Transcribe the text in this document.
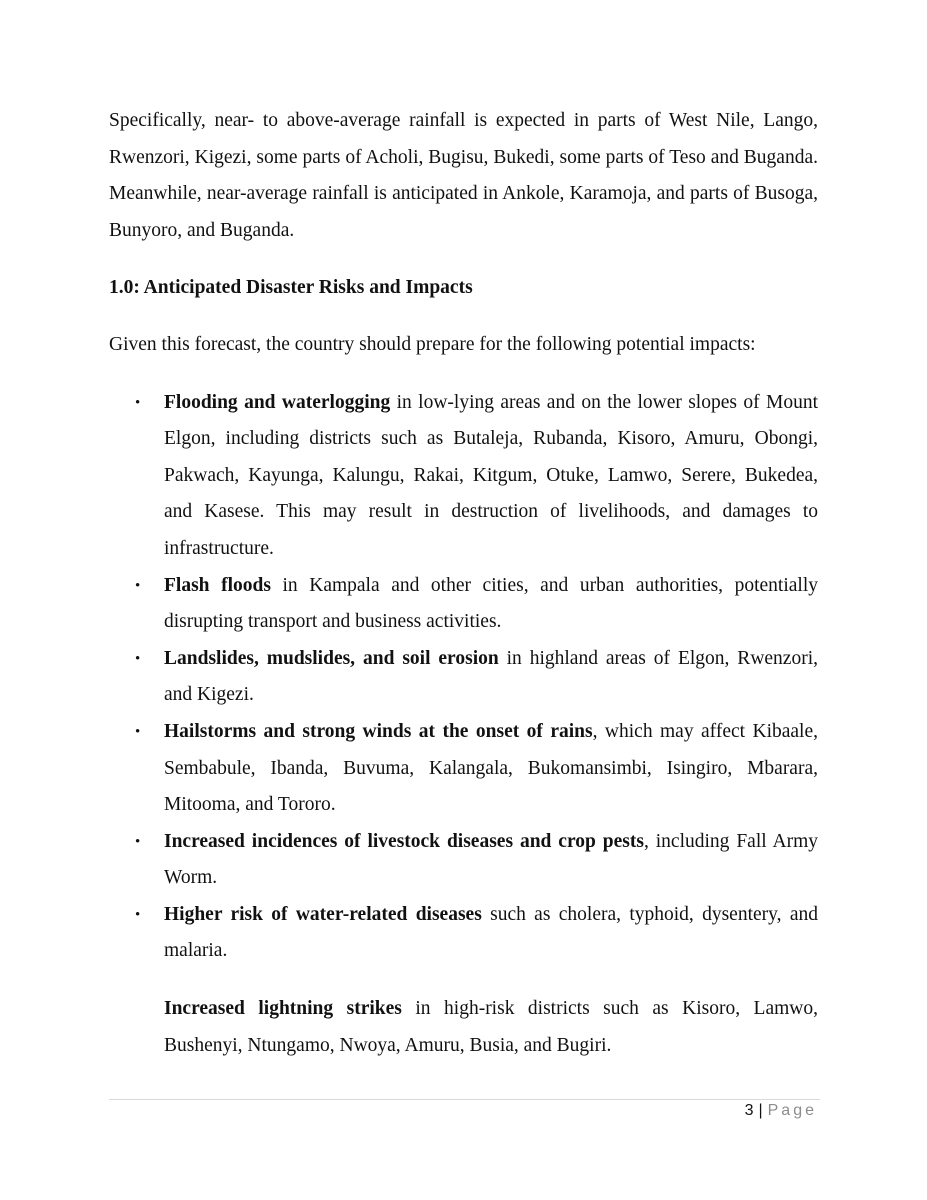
Specifically, near- to above-average rainfall is expected in parts of West Nile, Lango, Rwenzori, Kigezi, some parts of Acholi, Bugisu, Bukedi, some parts of Teso and Buganda. Meanwhile, near-average rainfall is anticipated in Ankole, Karamoja, and parts of Busoga, Bunyoro, and Buganda.

1.0: Anticipated Disaster Risks and Impacts

Given this forecast, the country should prepare for the following potential impacts:

• Flooding and waterlogging in low-lying areas and on the lower slopes of Mount Elgon, including districts such as Butaleja, Rubanda, Kisoro, Amuru, Obongi, Pakwach, Kayunga, Kalungu, Rakai, Kitgum, Otuke, Lamwo, Serere, Bukedea, and Kasese. This may result in destruction of livelihoods, and damages to infrastructure.
• Flash floods in Kampala and other cities, and urban authorities, potentially disrupting transport and business activities.
• Landslides, mudslides, and soil erosion in highland areas of Elgon, Rwenzori, and Kigezi.
• Hailstorms and strong winds at the onset of rains, which may affect Kibaale, Sembabule, Ibanda, Buvuma, Kalangala, Bukomansimbi, Isingiro, Mbarara, Mitooma, and Tororo.
• Increased incidences of livestock diseases and crop pests, including Fall Army Worm.
• Higher risk of water-related diseases such as cholera, typhoid, dysentery, and malaria.

Increased lightning strikes in high-risk districts such as Kisoro, Lamwo, Bushenyi, Ntungamo, Nwoya, Amuru, Busia, and Bugiri.

3 | Page
